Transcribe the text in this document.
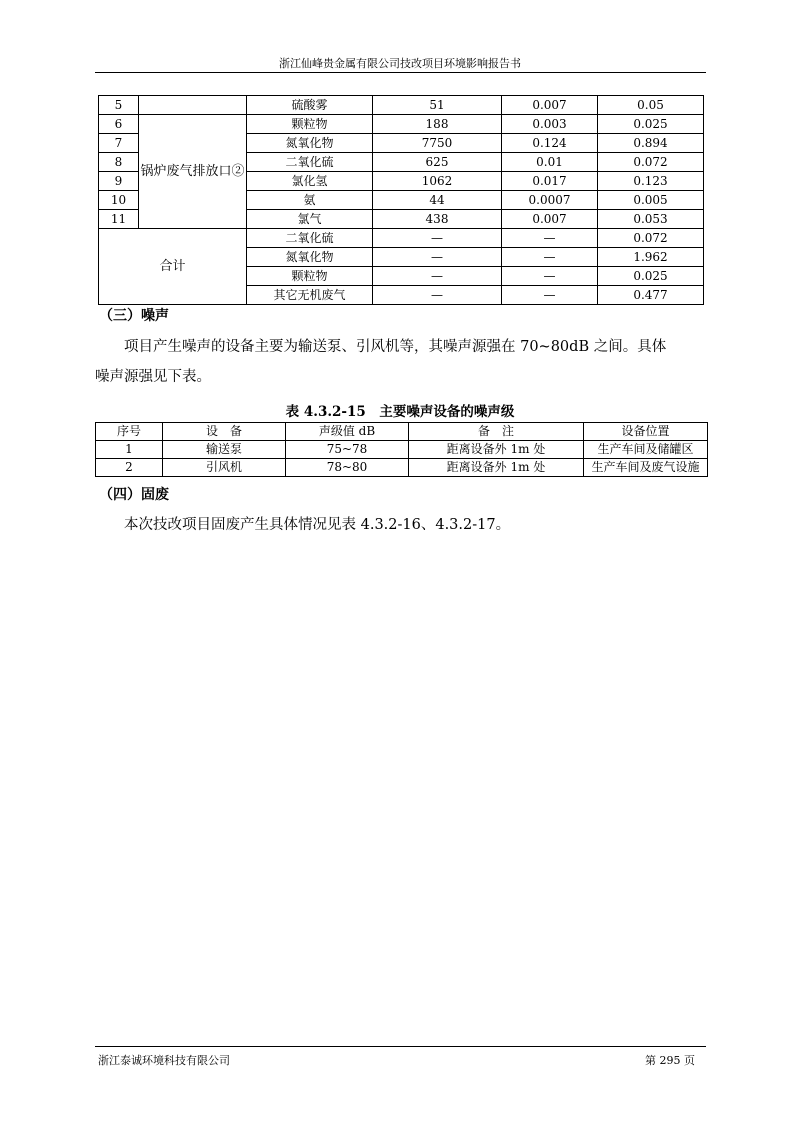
浙江仙峰贵金属有限公司技改项目环境影响报告书
5		硫酸雾	51	0.007	0.05
6	锅炉废气排放口②	颗粒物	188	0.003	0.025
7		氮氧化物	7750	0.124	0.894
8		二氧化硫	625	0.01	0.072
9		氯化氢	1062	0.017	0.123
10		氨	44	0.0007	0.005
11		氯气	438	0.007	0.053
合计		二氧化硫	—	—	0.072
		氮氧化物	—	—	1.962
		颗粒物	—	—	0.025
		其它无机废气	—	—	0.477
（三）噪声
项目产生噪声的设备主要为输送泵、引风机等，其噪声源强在 70~80dB 之间。具体
噪声源强见下表。
表 4.3.2-15　主要噪声设备的噪声级
序号	设　备	声级值 dB	备　注	设备位置
1	输送泵	75~78	距离设备外 1m 处	生产车间及储罐区
2	引风机	78~80	距离设备外 1m 处	生产车间及废气设施
（四）固废
本次技改项目固废产生具体情况见表 4.3.2-16、4.3.2-17。
浙江泰诚环境科技有限公司	第 295 页
